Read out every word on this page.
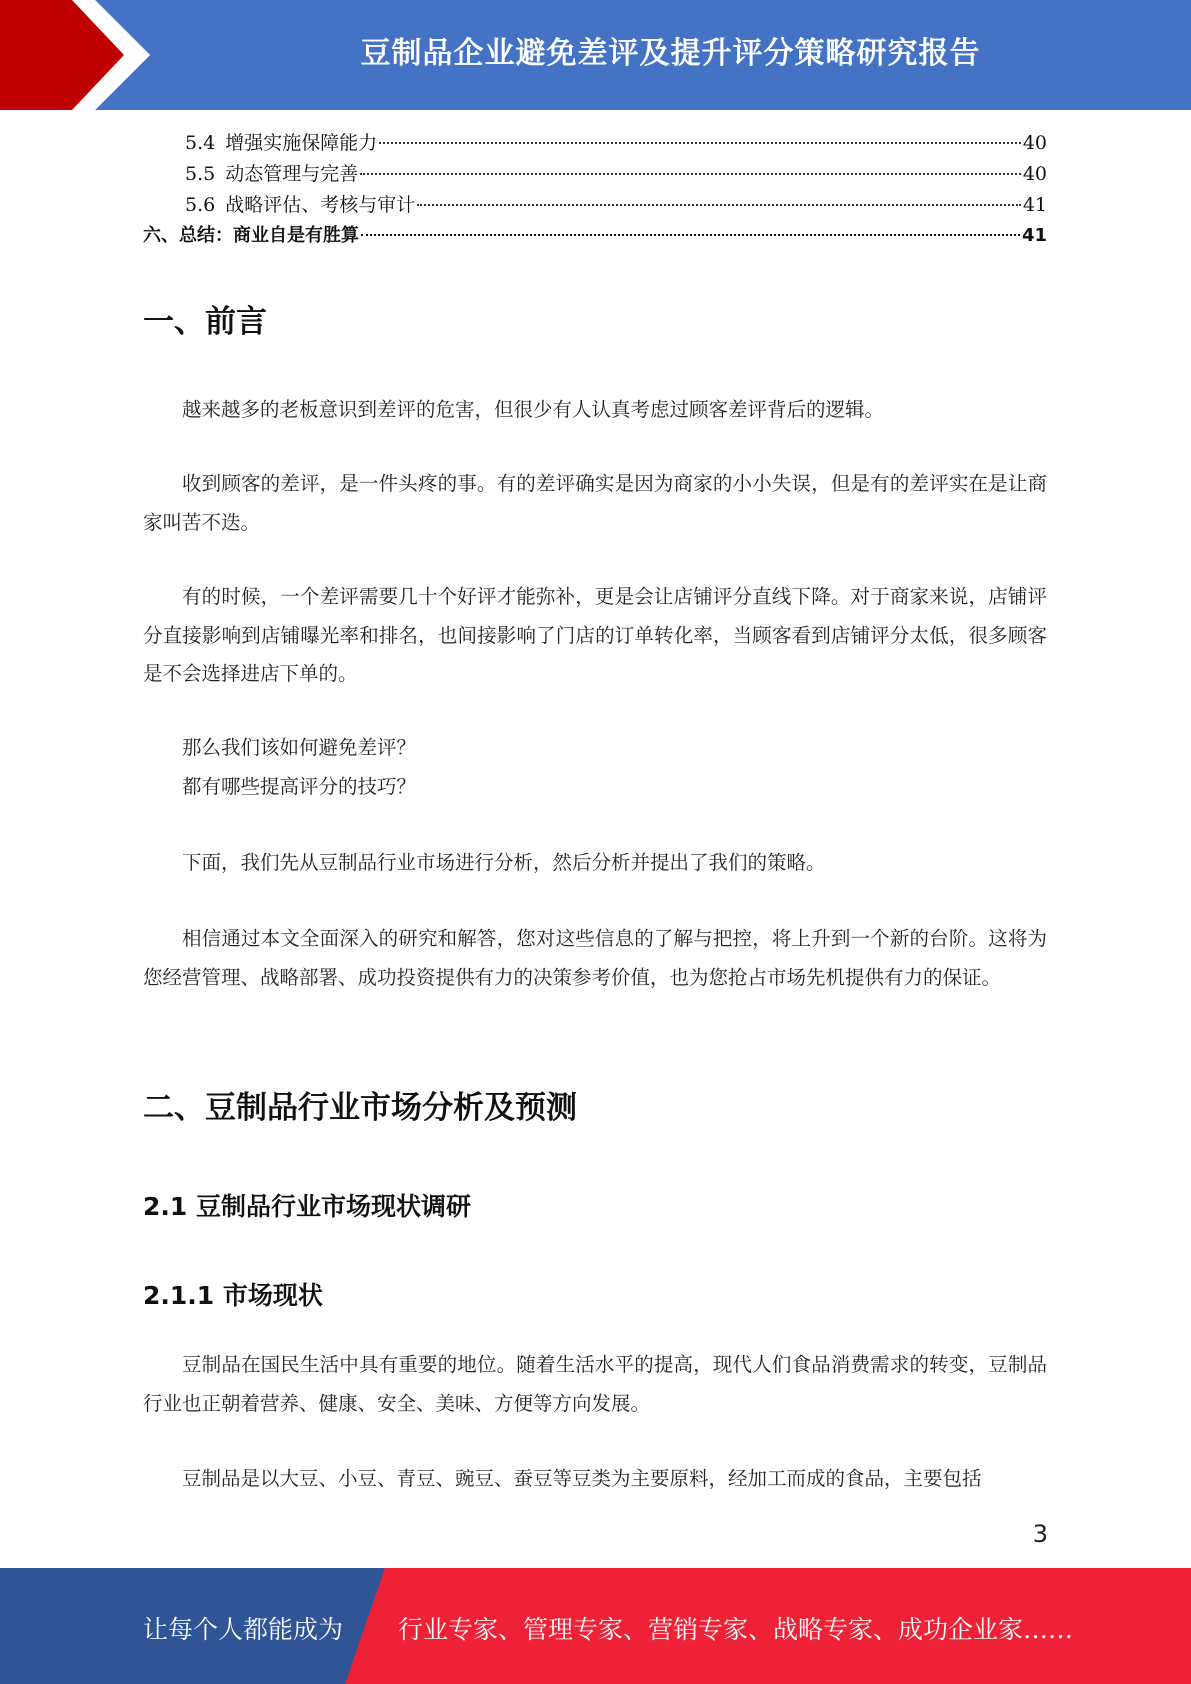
豆制品企业避免差评及提升评分策略研究报告
5.4 增强实施保障能力	40
5.5 动态管理与完善	40
5.6 战略评估、考核与审计	41
六、总结：商业自是有胜算	41
一、前言

越来越多的老板意识到差评的危害，但很少有人认真考虑过顾客差评背后的逻辑。

收到顾客的差评，是一件头疼的事。有的差评确实是因为商家的小小失误，但是有的差评实在是让商家叫苦不迭。

有的时候，一个差评需要几十个好评才能弥补，更是会让店铺评分直线下降。对于商家来说，店铺评分直接影响到店铺曝光率和排名，也间接影响了门店的订单转化率，当顾客看到店铺评分太低，很多顾客是不会选择进店下单的。

那么我们该如何避免差评？

都有哪些提高评分的技巧？

下面，我们先从豆制品行业市场进行分析，然后分析并提出了我们的策略。

相信通过本文全面深入的研究和解答，您对这些信息的了解与把控，将上升到一个新的台阶。这将为您经营管理、战略部署、成功投资提供有力的决策参考价值，也为您抢占市场先机提供有力的保证。

二、豆制品行业市场分析及预测
2.1 豆制品行业市场现状调研
2.1.1 市场现状

豆制品在国民生活中具有重要的地位。随着生活水平的提高，现代人们食品消费需求的转变，豆制品行业也正朝着营养、健康、安全、美味、方便等方向发展。

豆制品是以大豆、小豆、青豆、豌豆、蚕豆等豆类为主要原料，经加工而成的食品，主要包括

3
让每个人都能成为 行业专家、管理专家、营销专家、战略专家、成功企业家……
